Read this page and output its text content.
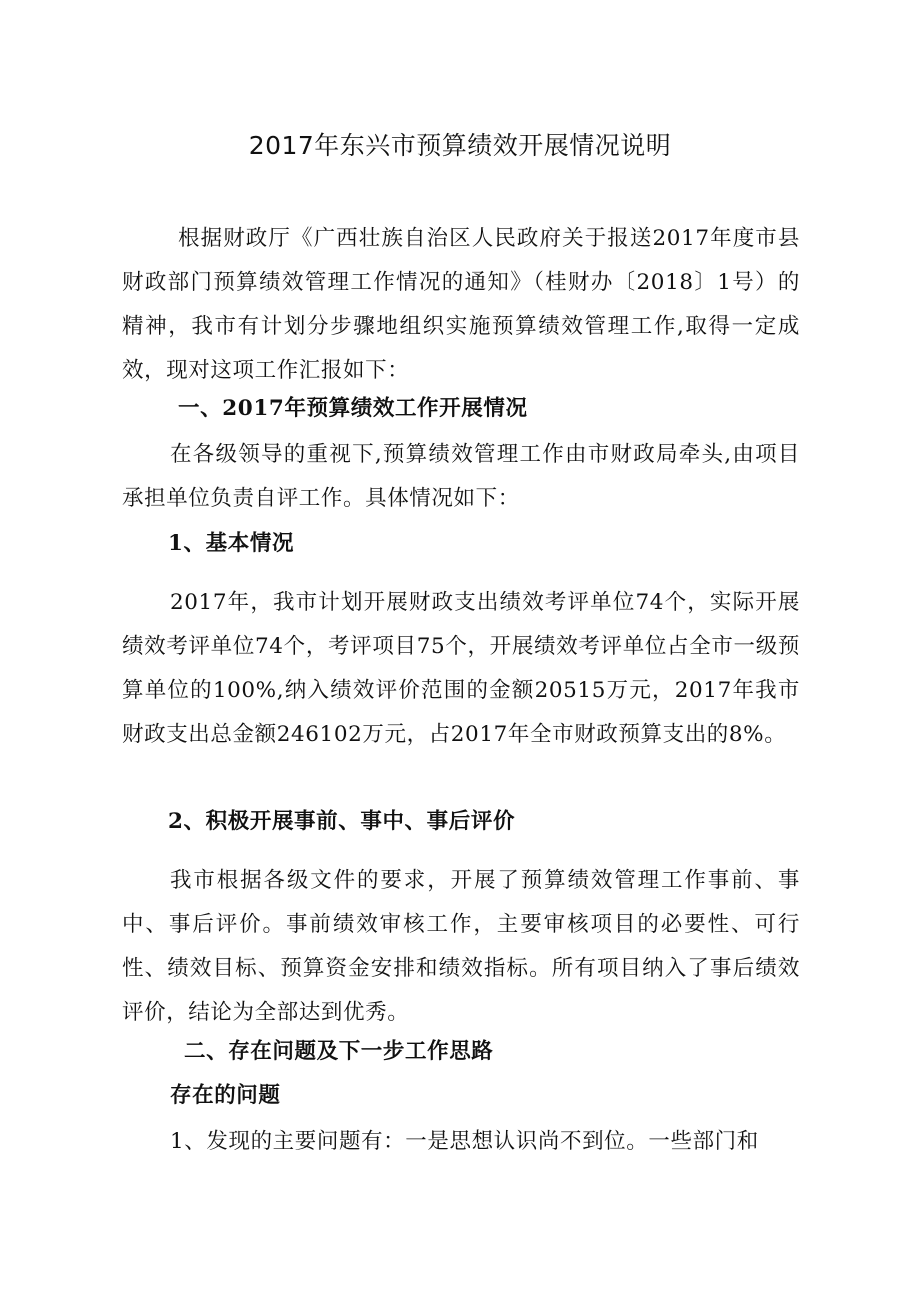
2017年东兴市预算绩效开展情况说明
根据财政厅《广西壮族自治区人民政府关于报送2017年度市县财政部门预算绩效管理工作情况的通知》（桂财办〔2018〕1号）的精神，我市有计划分步骤地组织实施预算绩效管理工作,取得一定成效，现对这项工作汇报如下：
一、2017年预算绩效工作开展情况
在各级领导的重视下,预算绩效管理工作由市财政局牵头,由项目承担单位负责自评工作。具体情况如下：
1、基本情况
2017年，我市计划开展财政支出绩效考评单位74个，实际开展绩效考评单位74个，考评项目75个，开展绩效考评单位占全市一级预算单位的100%,纳入绩效评价范围的金额20515万元，2017年我市财政支出总金额246102万元，占2017年全市财政预算支出的8%。
2、积极开展事前、事中、事后评价
我市根据各级文件的要求，开展了预算绩效管理工作事前、事中、事后评价。事前绩效审核工作，主要审核项目的必要性、可行性、绩效目标、预算资金安排和绩效指标。所有项目纳入了事后绩效评价，结论为全部达到优秀。
二、存在问题及下一步工作思路
存在的问题
1、发现的主要问题有：一是思想认识尚不到位。一些部门和
